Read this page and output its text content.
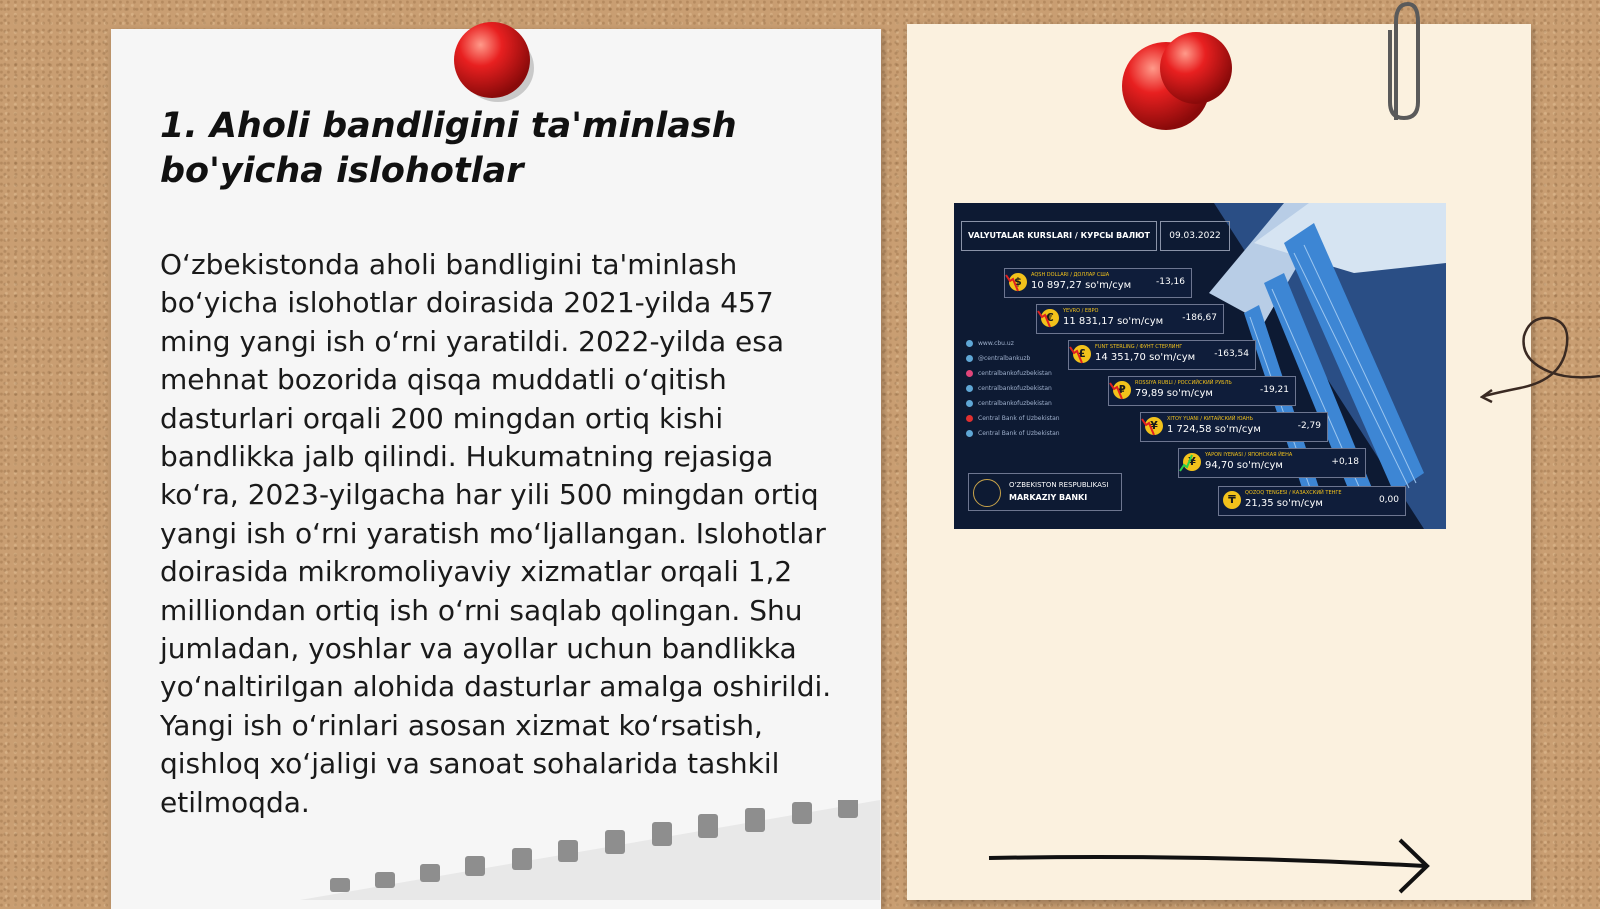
1. Aholi bandligini ta'minlash bo'yicha islohotlar

O‘zbekistonda aholi bandligini ta'minlash bo‘yicha islohotlar doirasida 2021-yilda 457 ming yangi ish o‘rni yaratildi. 2022-yilda esa mehnat bozorida qisqa muddatli o‘qitish dasturlari orqali 200 mingdan ortiq kishi bandlikka jalb qilindi. Hukumatning rejasiga ko‘ra, 2023-yilgacha har yili 500 mingdan ortiq yangi ish o‘rni yaratish mo‘ljallangan. Islohotlar doirasida mikromoliyaviy xizmatlar orqali 1,2 milliondan ortiq ish o‘rni saqlab qolingan. Shu jumladan, yoshlar va ayollar uchun bandlikka yo‘naltirilgan alohida dasturlar amalga oshirildi. Yangi ish o‘rinlari asosan xizmat ko‘rsatish, qishloq xo‘jaligi va sanoat sohalarida tashkil etilmoqda.

VALYUTALAR KURSLARI / КУРСЫ ВАЛЮТ	09.03.2022
$	AQSH DOLLARI / ДОЛЛАР США
10 897,27 so'm/сум	-13,16
€	YEVRO / ЕВРО
11 831,17 so'm/сум -186,67
£	FUNT STERLING / ФУНТ СТЕРЛИНГ
14 351,70 so'm/сум -163,54
₽	ROSSIYA RUBLI / РОССИЙСКИЙ РУБЛЬ
79,89 so'm/сум	-19,21
¥	XITOY YUANI / КИТАЙСКИЙ ЮАНЬ
1 724,58 so'm/сум	-2,79
¥	YAPON IYENASI / ЯПОНСКАЯ ЙЕНА
94,70 so'm/сум	+0,18
₸	QOZOQ TENGESI / КАЗАХСКИЙ ТЕНГЕ
21,35 so'm/сум	0,00
www.cbu.uz
@centralbankuzb
centralbankofuzbekistan
centralbankofuzbekistan
centralbankofuzbekistan
Central Bank of Uzbekistan
Central Bank of Uzbekistan
O'ZBEKISTON RESPUBLIKASI
MARKAZIY BANKI
